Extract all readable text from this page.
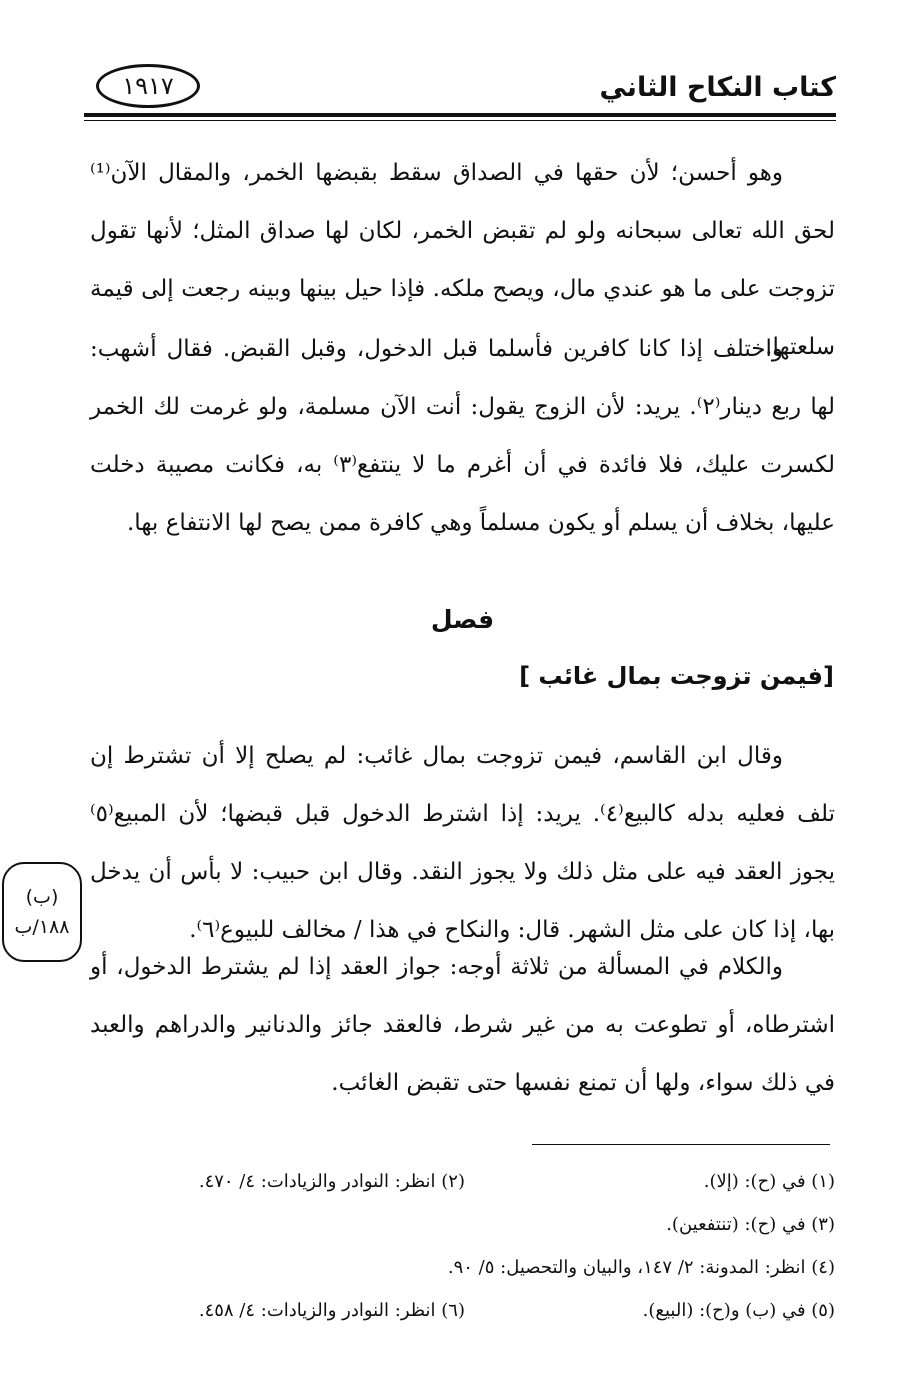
كتاب النكاح الثاني
١٩١٧

وهو أحسن؛ لأن حقها في الصداق سقط بقبضها الخمر، والمقال الآن⁽¹⁾ لحق الله تعالى سبحانه ولو لم تقبض الخمر، لكان لها صداق المثل؛ لأنها تقول تزوجت على ما هو عندي مال، ويصح ملكه. فإذا حيل بينها وبينه رجعت إلى قيمة سلعتها.

واختلف إذا كانا كافرين فأسلما قبل الدخول، وقبل القبض. فقال أشهب: لها ربع دينار⁽٢⁾. يريد: لأن الزوج يقول: أنت الآن مسلمة، ولو غرمت لك الخمر لكسرت عليك، فلا فائدة في أن أغرم ما لا ينتفع⁽٣⁾ به، فكانت مصيبة دخلت عليها، بخلاف أن يسلم أو يكون مسلماً وهي كافرة ممن يصح لها الانتفاع بها.

فصل
[فيمن تزوجت بمال غائب ]

وقال ابن القاسم، فيمن تزوجت بمال غائب: لم يصلح إلا أن تشترط إن تلف فعليه بدله كالبيع⁽٤⁾. يريد: إذا اشترط الدخول قبل قبضها؛ لأن المبيع⁽٥⁾ يجوز العقد فيه على مثل ذلك ولا يجوز النقد. وقال ابن حبيب: لا بأس أن يدخل بها، إذا كان على مثل الشهر. قال: والنكاح في هذا / مخالف للبيوع⁽٦⁾.

(ب)
١٨٨/ب

والكلام في المسألة من ثلاثة أوجه: جواز العقد إذا لم يشترط الدخول، أو اشترطاه، أو تطوعت به من غير شرط، فالعقد جائز والدنانير والدراهم والعبد في ذلك سواء، ولها أن تمنع نفسها حتى تقبض الغائب.

(١) في (ح): (إلا).
(٢) انظر: النوادر والزيادات: ٤/ ٤٧٠.
(٣) في (ح): (تنتفعين).
(٤) انظر: المدونة: ٢/ ١٤٧، والبيان والتحصيل: ٥/ ٩٠.
(٥) في (ب) و(ح): (البيع).
(٦) انظر: النوادر والزيادات: ٤/ ٤٥٨.
